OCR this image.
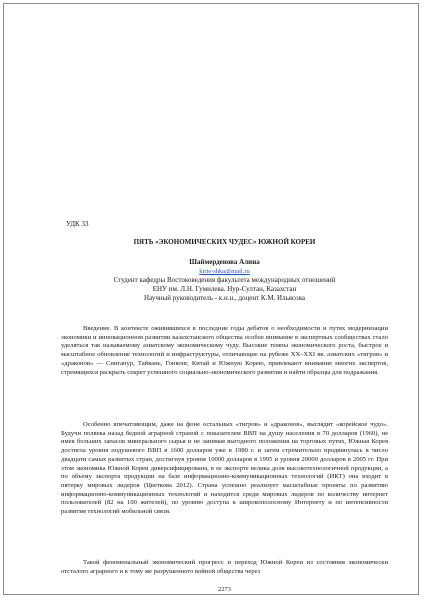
УДК 33
ПЯТЬ «ЭКОНОМИЧЕСКИХ ЧУДЕС» ЮЖНОЙ КОРЕИ
Шаймерденова Алина
kirie-shka@mail.ru
Студент кафедры Востоковедения факультета международных отношений
ЕНУ им. Л.Н. Гумилева. Нур-Султан, Казахстан
Научный руководитель - к.и.н., доцент К.М. Ильясова

Введение. В контексте оживившихся в последние годы дебатов о необходимости и путях модернизации экономики и инновационном развитии казахстанского общества особое внимание в экспертных сообществах стало уделяться так называемому азиатскому экономическому чуду. Высокие темпы экономического роста, быстрое и масштабное обновление технологий и инфраструктуры, отличающие на рубеже XX–XXI вв. азиатских «тигров» и «драконов» — Сингапур, Тайвань, Гонконг, Китай и Южную Корею, привлекают внимание многих экспертов, стремящихся раскрыть секрет успешного социально-экономического развития и найти образцы для подражания.

Особенно впечатляющим, даже на фоне остальных «тигров» и «драконов», выглядит «корейское чудо». Будучи полвека назад бедной аграрной страной с показателем ВВП на душу населения в 70 долларов (1960), не имея больших запасов минерального сырья и не занимая выгодного положения на торговых путях, Южная Корея достигла уровня подушевого ВВП в 1600 долларов уже в 1980 г. и затем стремительно продвинулась в число двадцати самых развитых стран, достигнув уровня 10000 долларов в 1995 и уровня 20000 долларов в 2005 гг. При этом экономика Южной Кореи диверсифицирована, в ее экспорте велика доля высокотехнологичной продукции, а по объему экспорта продукции на базе информационно-коммуникационных технологий (ИКТ) она входит в пятерку мировых лидеров (Цветкова 2012). Страна успешно реализует масштабные проекты по развитию информационно-коммуникационных технологий и находится среди мировых лидеров по количеству интернет пользователей (82 на 100 жителей), по уровню доступа к широкополосному Интернету и по интенсивности развития технологий мобильной связи.

Такой феноменальный экономический прогресс и переход Южной Кореи из состояния экономически отсталого аграрного и к тому же разрушенного войной общества через

2273
